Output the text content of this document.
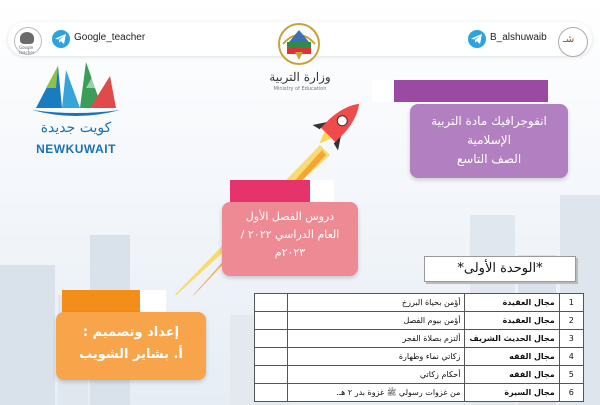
Google teacher
Google_teacher	B_alshuwaib شـ
وزارة التربية
Ministry of Education
كويت جديدة
NEWKUWAIT
انفوجرافيك مادة التربية
الإسلامية
الصف التاسع
دروس الفصل الأول
العام الدراسي ٢٠٢٢ /
٢٠٢٣م
إعداد وتصميم :
أ. بشاير الشويب
*الوحدة الأولى*
1	مجال العقيدة	أؤمن بحياة البرزخ	
2	مجال العقيدة	أؤمن بيوم الفصل	
3	مجال الحديث الشريف	ألتزم بصلاة الفجر	
4	مجال الفقه	زكاتي نماء وطهارة	
5	مجال الفقه	أحكام زكاتي	
6	مجال السيرة	من غزوات رسولي ﷺ غزوة بدر ٢ هـ.	
